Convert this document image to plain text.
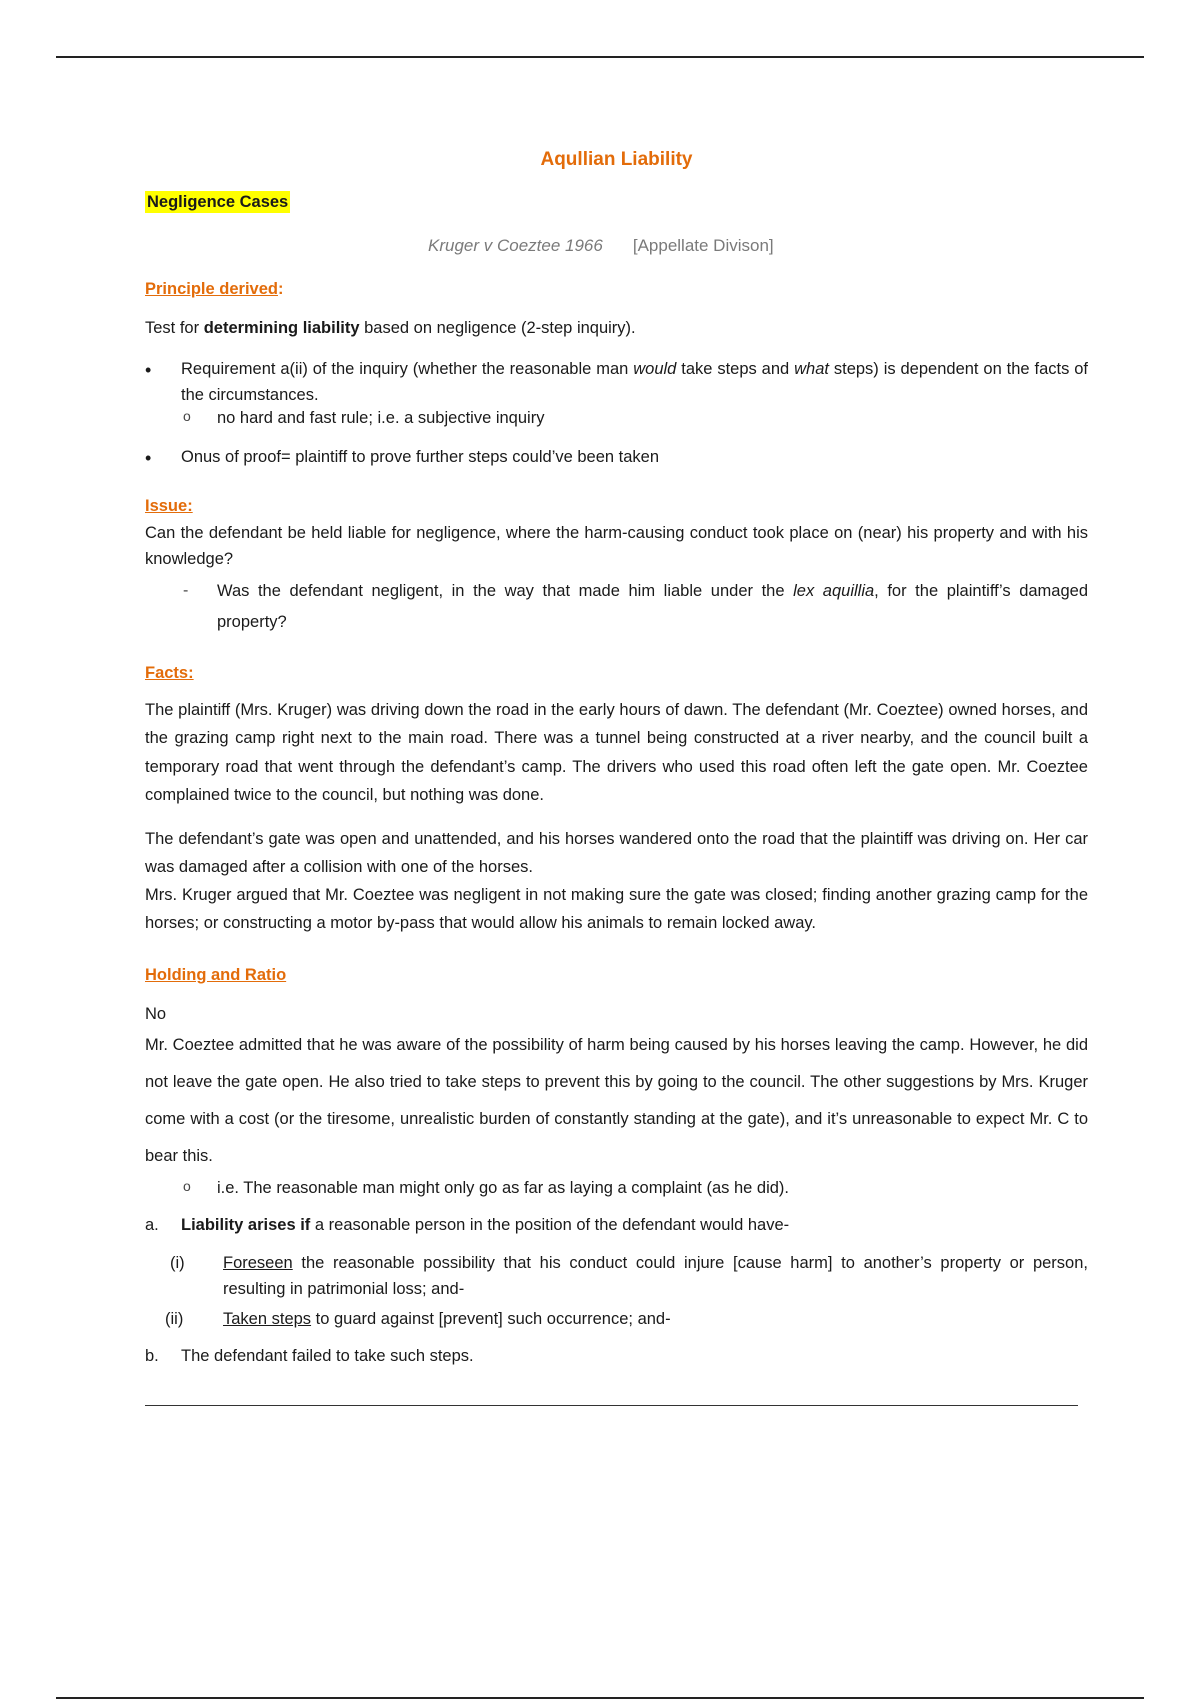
Aqullian Liability
Negligence Cases
Kruger v Coeztee 1966 [Appellate Divison]
Principle derived:
Test for determining liability based on negligence (2-step inquiry).
• Requirement a(ii) of the inquiry (whether the reasonable man would take steps and what steps) is dependent on the facts of the circumstances.
o no hard and fast rule; i.e. a subjective inquiry
• Onus of proof= plaintiff to prove further steps could’ve been taken
Issue:
Can the defendant be held liable for negligence, where the harm-causing conduct took place on (near) his property and with his knowledge?
- Was the defendant negligent, in the way that made him liable under the lex aquillia, for the plaintiff’s damaged property?
Facts:
The plaintiff (Mrs. Kruger) was driving down the road in the early hours of dawn. The defendant (Mr. Coeztee) owned horses, and the grazing camp right next to the main road. There was a tunnel being constructed at a river nearby, and the council built a temporary road that went through the defendant’s camp. The drivers who used this road often left the gate open. Mr. Coeztee complained twice to the council, but nothing was done.
The defendant’s gate was open and unattended, and his horses wandered onto the road that the plaintiff was driving on. Her car was damaged after a collision with one of the horses.
Mrs. Kruger argued that Mr. Coeztee was negligent in not making sure the gate was closed; finding another grazing camp for the horses; or constructing a motor by-pass that would allow his animals to remain locked away.
Holding and Ratio
No
Mr. Coeztee admitted that he was aware of the possibility of harm being caused by his horses leaving the camp. However, he did not leave the gate open. He also tried to take steps to prevent this by going to the council. The other suggestions by Mrs. Kruger come with a cost (or the tiresome, unrealistic burden of constantly standing at the gate), and it’s unreasonable to expect Mr. C to bear this.
o i.e. The reasonable man might only go as far as laying a complaint (as he did).
a. Liability arises if a reasonable person in the position of the defendant would have-
(i) Foreseen the reasonable possibility that his conduct could injure [cause harm] to another’s property or person, resulting in patrimonial loss; and-
(ii) Taken steps to guard against [prevent] such occurrence; and-
b. The defendant failed to take such steps.
